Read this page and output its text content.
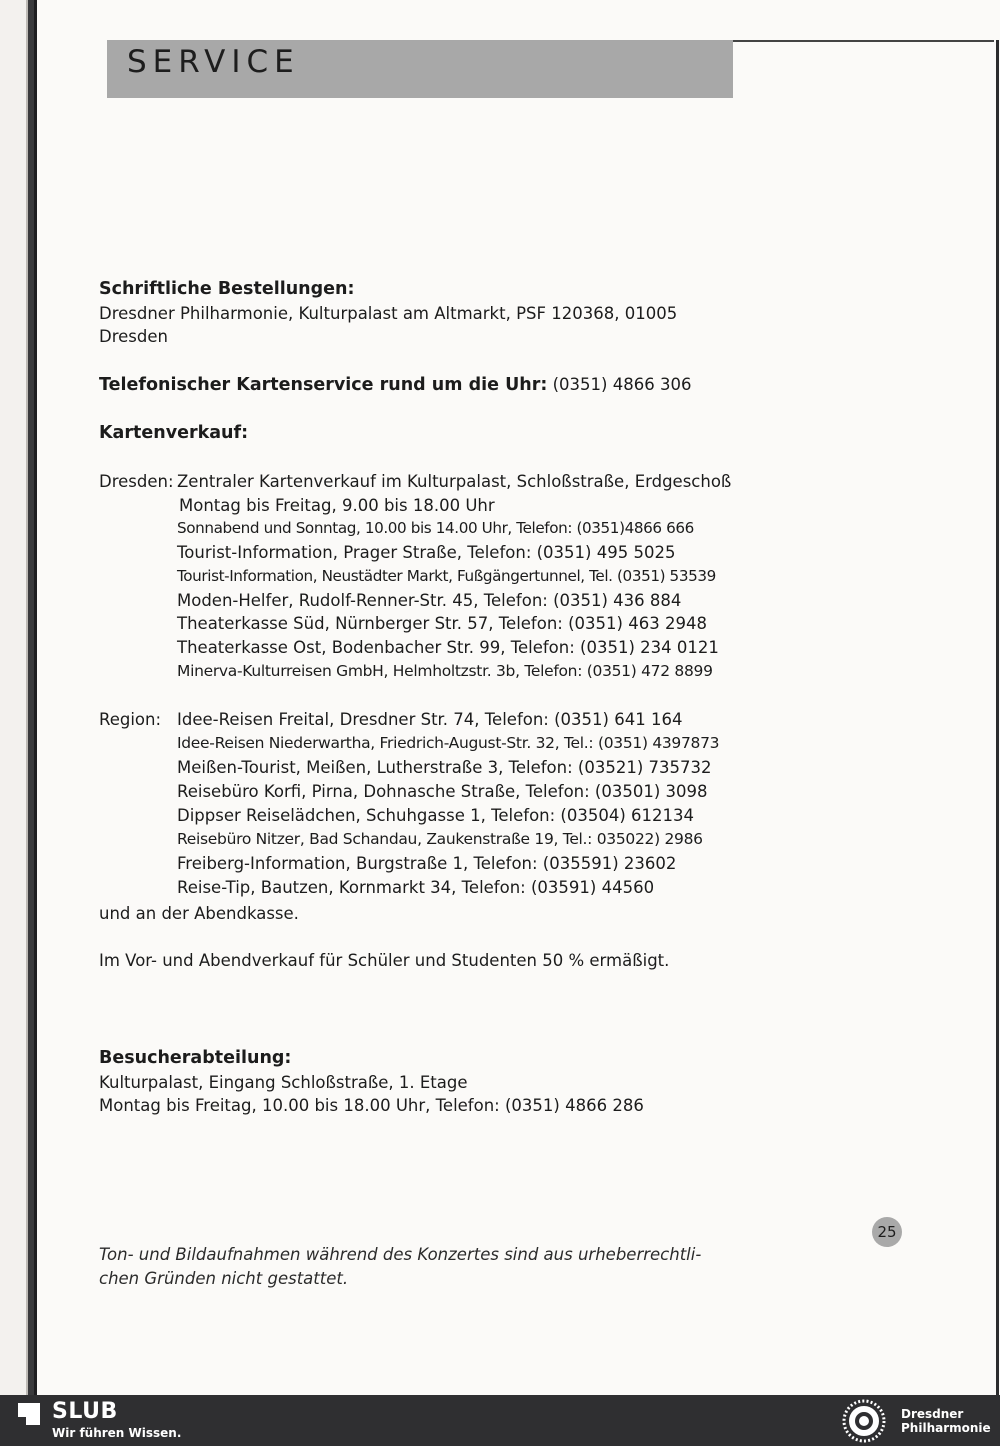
SERVICE
Schriftliche Bestellungen:
Dresdner Philharmonie, Kulturpalast am Altmarkt, PSF 120368, 01005
Dresden
Telefonischer Kartenservice rund um die Uhr: (0351) 4866 306
Kartenverkauf:
Dresden: Zentraler Kartenverkauf im Kulturpalast, Schloßstraße, Erdgeschoß
Montag bis Freitag, 9.00 bis 18.00 Uhr
Sonnabend und Sonntag, 10.00 bis 14.00 Uhr, Telefon: (0351)4866 666
Tourist-Information, Prager Straße, Telefon: (0351) 495 5025
Tourist-Information, Neustädter Markt, Fußgängertunnel, Tel. (0351) 53539
Moden-Helfer, Rudolf-Renner-Str. 45, Telefon: (0351) 436 884
Theaterkasse Süd, Nürnberger Str. 57, Telefon: (0351) 463 2948
Theaterkasse Ost, Bodenbacher Str. 99, Telefon: (0351) 234 0121
Minerva-Kulturreisen GmbH, Helmholtzstr. 3b, Telefon: (0351) 472 8899
Region: Idee-Reisen Freital, Dresdner Str. 74, Telefon: (0351) 641 164
Idee-Reisen Niederwartha, Friedrich-August-Str. 32, Tel.: (0351) 4397873
Meißen-Tourist, Meißen, Lutherstraße 3, Telefon: (03521) 735732
Reisebüro Korfi, Pirna, Dohnasche Straße, Telefon: (03501) 3098
Dippser Reiselädchen, Schuhgasse 1, Telefon: (03504) 612134
Reisebüro Nitzer, Bad Schandau, Zaukenstraße 19, Tel.: 035022) 2986
Freiberg-Information, Burgstraße 1, Telefon: (035591) 23602
Reise-Tip, Bautzen, Kornmarkt 34, Telefon: (03591) 44560
und an der Abendkasse.
Im Vor- und Abendverkauf für Schüler und Studenten 50 % ermäßigt.
Besucherabteilung:
Kulturpalast, Eingang Schloßstraße, 1. Etage
Montag bis Freitag, 10.00 bis 18.00 Uhr, Telefon: (0351) 4866 286
Ton- und Bildaufnahmen während des Konzertes sind aus urheberrechtli-
chen Gründen nicht gestattet.
25
SLUB
Wir führen Wissen.
Dresdner
Philharmonie
